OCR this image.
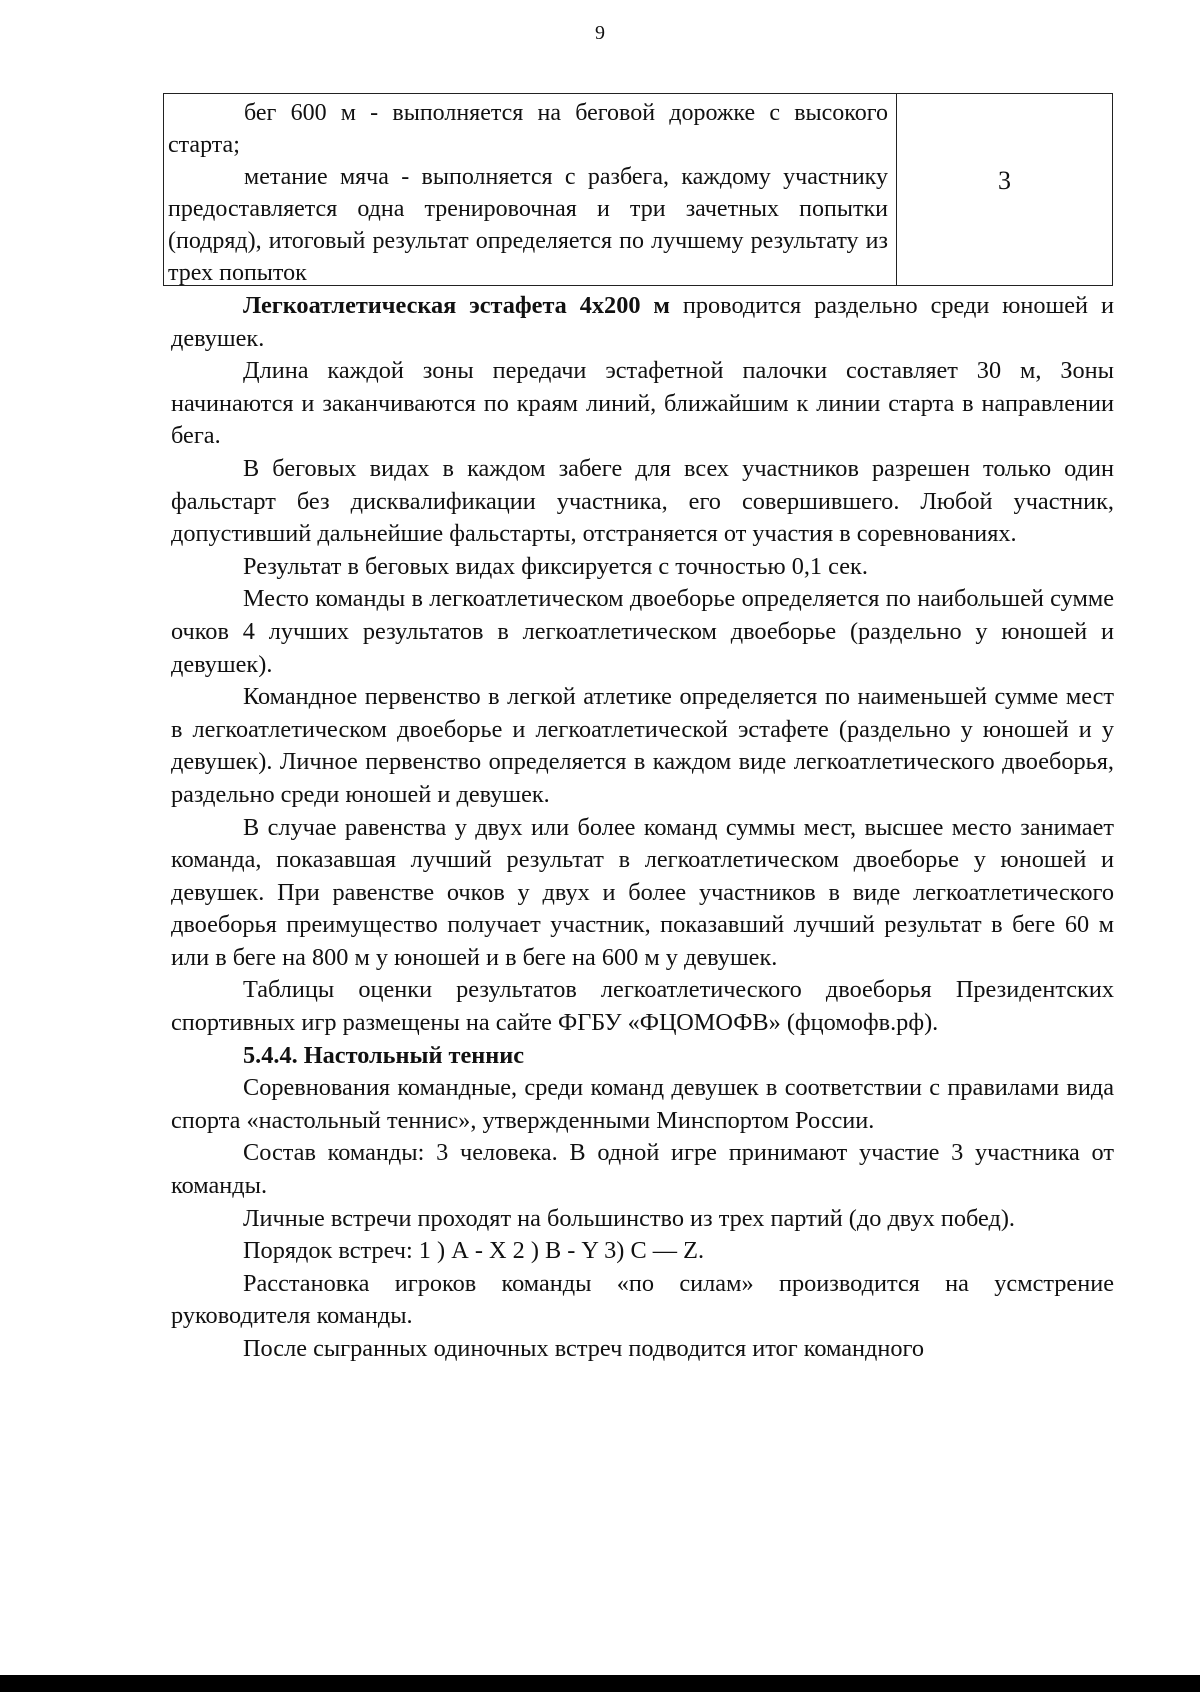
9

бег 600 м - выполняется на беговой дорожке с высокого старта;

метание мяча - выполняется с разбега, каждому участнику предоставляется одна тренировочная и три зачетных попытки (подряд), итоговый результат определяется по лучшему результату из трех попыток

3

Легкоатлетическая эстафета 4х200 м проводится раздельно среди юношей и девушек.

Длина каждой зоны передачи эстафетной палочки составляет 30 м, Зоны начинаются и заканчиваются по краям линий, ближайшим к линии старта в направлении бега.

В беговых видах в каждом забеге для всех участников разрешен только один фальстарт без дисквалификации участника, его совершившего. Любой участник, допустивший дальнейшие фальстарты, отстраняется от участия в соревнованиях.

Результат в беговых видах фиксируется с точностью 0,1 сек.

Место команды в легкоатлетическом двоеборье определяется по наибольшей сумме очков 4 лучших результатов в легкоатлетическом двоеборье (раздельно у юношей и девушек).

Командное первенство в легкой атлетике определяется по наименьшей сумме мест в легкоатлетическом двоеборье и легкоатлетической эстафете (раздельно у юношей и у девушек). Личное первенство определяется в каждом виде легкоатлетического двоеборья, раздельно среди юношей и девушек.

В случае равенства у двух или более команд суммы мест, высшее место занимает команда, показавшая лучший результат в легкоатлетическом двоеборье у юношей и девушек. При равенстве очков у двух и более участников в виде легкоатлетического двоеборья преимущество получает участник, показавший лучший результат в беге 60 м или в беге на 800 м у юношей и в беге на 600 м у девушек.

Таблицы оценки результатов легкоатлетического двоеборья Президентских спортивных игр размещены на сайте ФГБУ «ФЦОМОФВ» (фцомофв.рф).

5.4.4. Настольный теннис

Соревнования командные, среди команд девушек в соответствии с правилами вида спорта «настольный теннис», утвержденными Минспортом России.

Состав команды: 3 человека. В одной игре принимают участие 3 участника от команды.

Личные встречи проходят на большинство из трех партий (до двух побед).

Порядок встреч: 1 ) А - Х 2 ) В - Y 3) С — Z.

Расстановка игроков команды «по силам» производится на усмстрение руководителя команды.

После сыгранных одиночных встреч подводится итог командного
